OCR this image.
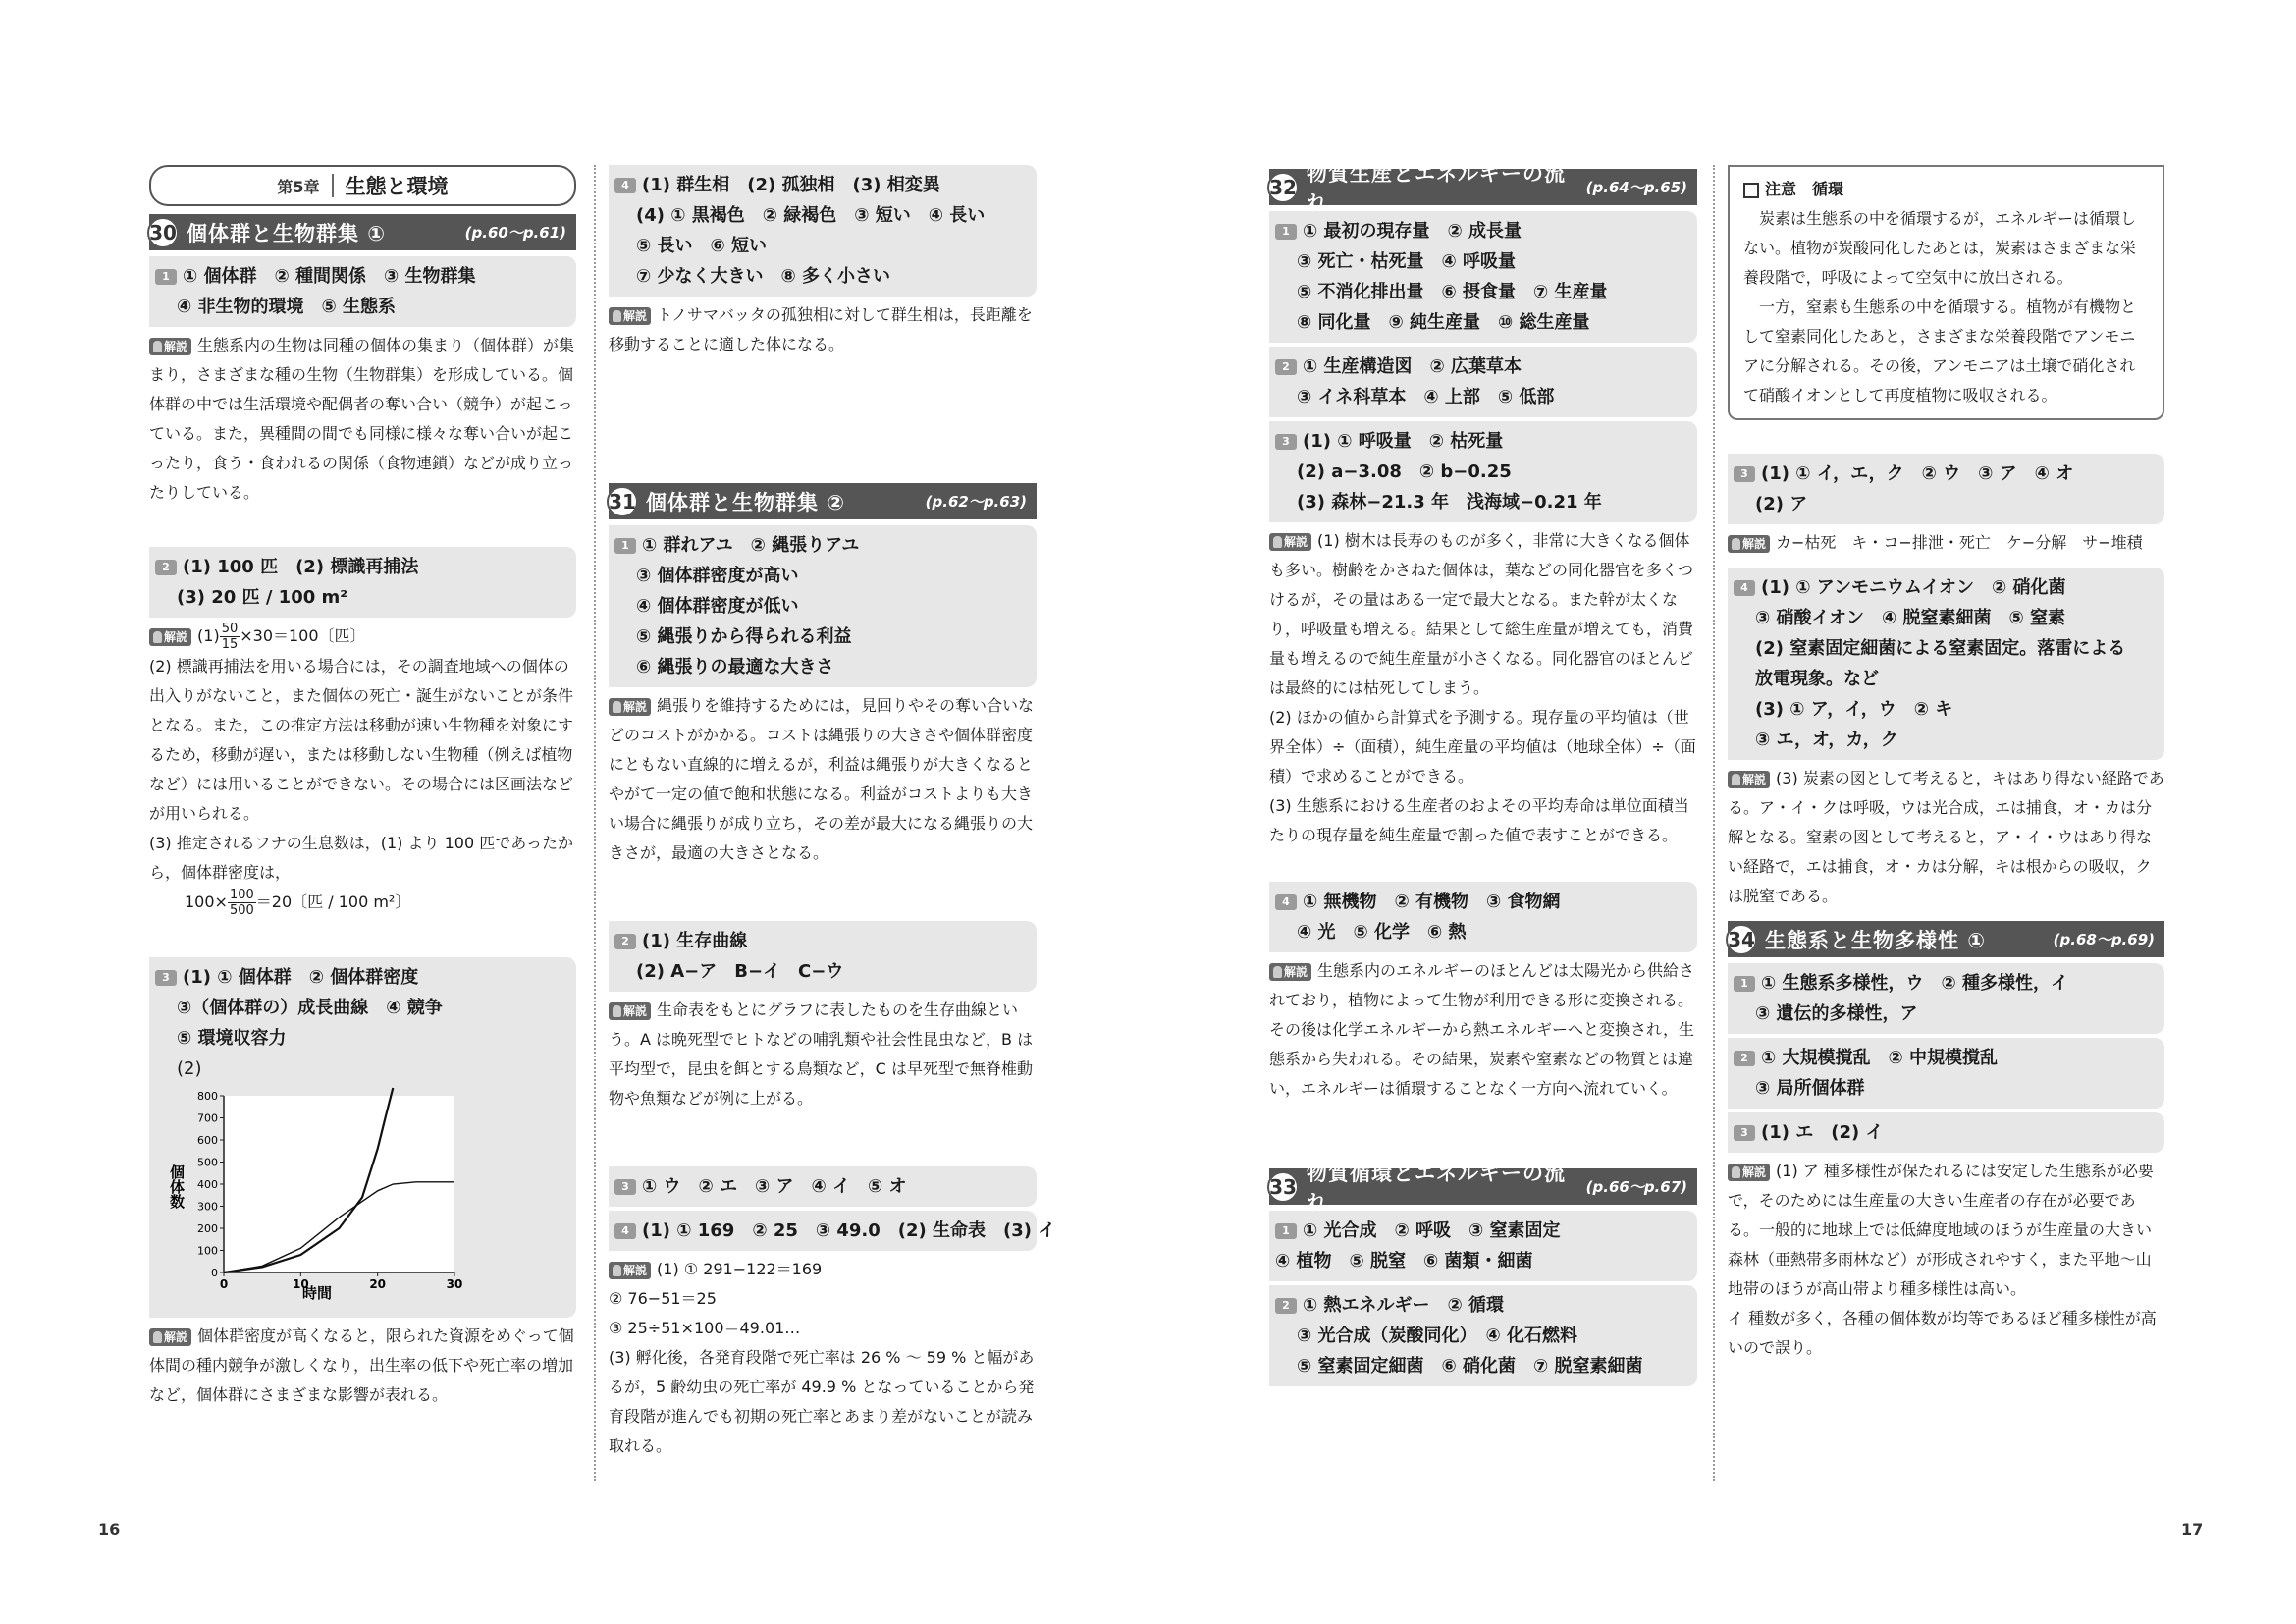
第5章 生態と環境
30 個体群と生物群集 ①	(p.60〜p.61)
1 ① 個体群　② 種間関係　③ 生物群集
④ 非生物的環境　⑤ 生態系
解説 生態系内の生物は同種の個体の集まり（個体群）が集まり，さまざまな種の生物（生物群集）を形成している。個体群の中では生活環境や配偶者の奪い合い（競争）が起こっている。また，異種間の間でも同様に様々な奪い合いが起こったり，食う・食われるの関係（食物連鎖）などが成り立ったりしている。
2 (1) 100 匹　(2) 標識再捕法
(3) 20 匹 / 100 m²

解説 $(1) \frac{50}{15} \times 30=100$〔匹〕

(2) 標識再捕法を用いる場合には，その調査地域への個体の出入りがないこと，また個体の死亡・誕生がないことが条件となる。また，この推定方法は移動が速い生物種を対象にするため，移動が遅い，または移動しない生物種（例えば植物など）には用いることができない。その場合には区画法などが用いられる。

(3) 推定されるフナの生息数は，(1) より 100 匹であったから，個体群密度は，

$100\times \frac{100}{500} =20$〔匹 / 100 m²〕

3 (1) ① 個体群　② 個体群密度
③（個体群の）成長曲線　④ 競争
⑤ 環境収容力
(2)
個体数
時間
0
100
200
300
400
500
600
700
800
0	10	20	30
解説 個体群密度が高くなると，限られた資源をめぐって個体間の種内競争が激しくなり，出生率の低下や死亡率の増加など，個体群にさまざまな影響が表れる。
4 (1) 群生相　(2) 孤独相　(3) 相変異
(4) ① 黒褐色　② 緑褐色　③ 短い　④ 長い
⑤ 長い　⑥ 短い
⑦ 少なく大きい　⑧ 多く小さい
解説 トノサマバッタの孤独相に対して群生相は，長距離を移動することに適した体になる。
31 個体群と生物群集 ②	(p.62〜p.63)
1 ① 群れアユ　② 縄張りアユ
③ 個体群密度が高い
④ 個体群密度が低い
⑤ 縄張りから得られる利益
⑥ 縄張りの最適な大きさ
解説 縄張りを維持するためには，見回りやその奪い合いなどのコストがかかる。コストは縄張りの大きさや個体群密度にともない直線的に増えるが，利益は縄張りが大きくなるとやがて一定の値で飽和状態になる。利益がコストよりも大きい場合に縄張りが成り立ち，その差が最大になる縄張りの大きさが，最適の大きさとなる。
2 (1) 生存曲線
(2) A−ア　B−イ　C−ウ
解説 生命表をもとにグラフに表したものを生存曲線という。A は晩死型でヒトなどの哺乳類や社会性昆虫など，B は平均型で，昆虫を餌とする鳥類など，C は早死型で無脊椎動物や魚類などが例に上がる。
3 ① ウ　② エ　③ ア　④ イ　⑤ オ
4 (1) ① 169　② 25　③ 49.0　(2) 生命表　(3) イ

解説 (1) ① 291−122＝169

② 76−51＝25

③ 25÷51×100＝49.01…

(3) 孵化後，各発育段階で死亡率は 26 % 〜 59 % と幅があるが，5 齢幼虫の死亡率が 49.9 % となっていることから発育段階が進んでも初期の死亡率とあまり差がないことが読み取れる。

32
物質生産とエネルギーの流れ
(p.64〜p.65)
1 ① 最初の現存量　② 成長量
③ 死亡・枯死量　④ 呼吸量
⑤ 不消化排出量　⑥ 摂食量　⑦ 生産量
⑧ 同化量　⑨ 純生産量　⑩ 総生産量
2 ① 生産構造図　② 広葉草本
③ イネ科草本　④ 上部　⑤ 低部
3 (1) ① 呼吸量　② 枯死量
(2) a−3.08　② b−0.25
(3) 森林−21.3 年　浅海域−0.21 年

解説 (1) 樹木は長寿のものが多く，非常に大きくなる個体も多い。樹齢をかさねた個体は，葉などの同化器官を多くつけるが，その量はある一定で最大となる。また幹が太くなり，呼吸量も増える。結果として総生産量が増えても，消費量も増えるので純生産量が小さくなる。同化器官のほとんどは最終的には枯死してしまう。

(2) ほかの値から計算式を予測する。現存量の平均値は（世界全体）÷（面積），純生産量の平均値は（地球全体）÷（面積）で求めることができる。

(3) 生態系における生産者のおよその平均寿命は単位面積当たりの現存量を純生産量で割った値で表すことができる。

4 ① 無機物　② 有機物　③ 食物網
④ 光　⑤ 化学　⑥ 熱
解説 生態系内のエネルギーのほとんどは太陽光から供給されており，植物によって生物が利用できる形に変換される。その後は化学エネルギーから熱エネルギーへと変換され，生態系から失われる。その結果，炭素や窒素などの物質とは違い，エネルギーは循環することなく一方向へ流れていく。
33
物質循環とエネルギーの流れ
(p.66〜p.67)
1 ① 光合成　② 呼吸　③ 窒素固定
④ 植物　⑤ 脱窒　⑥ 菌類・細菌
2 ① 熱エネルギー　② 循環
③ 光合成（炭酸同化）　④ 化石燃料
⑤ 窒素固定細菌　⑥ 硝化菌　⑦ 脱窒素細菌
注意　循環

炭素は生態系の中を循環するが，エネルギーは循環しない。植物が炭酸同化したあとは，炭素はさまざまな栄養段階で，呼吸によって空気中に放出される。

一方，窒素も生態系の中を循環する。植物が有機物として窒素同化したあと，さまざまな栄養段階でアンモニアに分解される。その後，アンモニアは土壌で硝化されて硝酸イオンとして再度植物に吸収される。

3 (1) ① イ，エ，ク　② ウ　③ ア　④ オ
(2) ア
解説 カ−枯死　キ・コ−排泄・死亡　ケ−分解　サ−堆積
4 (1) ① アンモニウムイオン　② 硝化菌
③ 硝酸イオン　④ 脱窒素細菌　⑤ 窒素
(2) 窒素固定細菌による窒素固定。落雷による
放電現象。など
(3) ① ア，イ，ウ　② キ
③ エ，オ，カ，ク
解説 (3) 炭素の図として考えると，キはあり得ない経路である。ア・イ・クは呼吸，ウは光合成，エは捕食，オ・カは分解となる。窒素の図として考えると，ア・イ・ウはあり得ない経路で，エは捕食，オ・カは分解，キは根からの吸収，クは脱窒である。
34 生態系と生物多様性 ①	(p.68〜p.69)
1 ① 生態系多様性，ウ　② 種多様性，イ
③ 遺伝的多様性，ア
2 ① 大規模撹乱　② 中規模撹乱
③ 局所個体群
3 (1) エ　(2) イ

解説 (1) ア 種多様性が保たれるには安定した生態系が必要で，そのためには生産量の大きい生産者の存在が必要である。一般的に地球上では低緯度地域のほうが生産量の大きい森林（亜熱帯多雨林など）が形成されやすく，また平地〜山地帯のほうが高山帯より種多様性は高い。

イ 種数が多く，各種の個体数が均等であるほど種多様性が高いので誤り。

16	17
